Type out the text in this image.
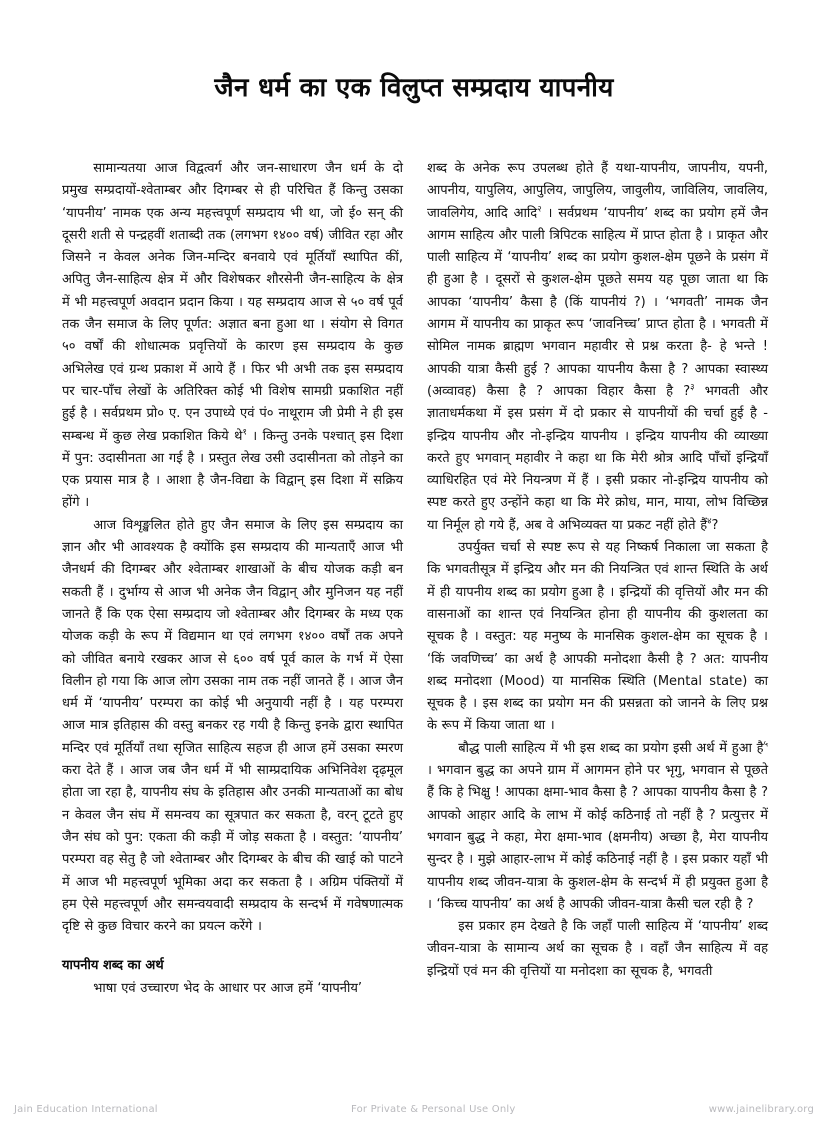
जैन धर्म का एक विलुप्त सम्प्रदाय यापनीय

सामान्यतया आज विद्वत्वर्ग और जन-साधारण जैन धर्म के दो प्रमुख सम्प्रदायों-श्वेताम्बर और दिगम्बर से ही परिचित हैं किन्तु उसका ‘यापनीय’ नामक एक अन्य महत्त्वपूर्ण सम्प्रदाय भी था, जो ई० सन् की दूसरी शती से पन्द्रहवीं शताब्दी तक (लगभग १४०० वर्ष) जीवित रहा और जिसने न केवल अनेक जिन-मन्दिर बनवाये एवं मूर्तियाँ स्थापित कीं, अपितु जैन-साहित्य क्षेत्र में और विशेषकर शौरसेनी जैन-साहित्य के क्षेत्र में भी महत्त्वपूर्ण अवदान प्रदान किया । यह सम्प्रदाय आज से ५० वर्ष पूर्व तक जैन समाज के लिए पूर्णत: अज्ञात बना हुआ था । संयोग से विगत ५० वर्षों की शोधात्मक प्रवृत्तियों के कारण इस सम्प्रदाय के कुछ अभिलेख एवं ग्रन्थ प्रकाश में आये हैं । फिर भी अभी तक इस सम्प्रदाय पर चार-पाँच लेखों के अतिरिक्त कोई भी विशेष सामग्री प्रकाशित नहीं हुई है । सर्वप्रथम प्रो० ए. एन उपाध्ये एवं पं० नाथूराम जी प्रेमी ने ही इस सम्बन्ध में कुछ लेख प्रकाशित किये थे$^१$ । किन्तु उनके पश्चात् इस दिशा में पुन: उदासीनता आ गई है । प्रस्तुत लेख उसी उदासीनता को तोड़ने का एक प्रयास मात्र है । आशा है जैन-विद्या के विद्वान् इस दिशा में सक्रिय होंगे ।

आज विशृङ्खलित होते हुए जैन समाज के लिए इस सम्प्रदाय का ज्ञान और भी आवश्यक है क्योंकि इस सम्प्रदाय की मान्यताएँ आज भी जैनधर्म की दिगम्बर और श्वेताम्बर शाखाओं के बीच योजक कड़ी बन सकती हैं । दुर्भाग्य से आज भी अनेक जैन विद्वान् और मुनिजन यह नहीं जानते हैं कि एक ऐसा सम्प्रदाय जो श्वेताम्बर और दिगम्बर के मध्य एक योजक कड़ी के रूप में विद्यमान था एवं लगभग १४०० वर्षों तक अपने को जीवित बनाये रखकर आज से ६०० वर्ष पूर्व काल के गर्भ में ऐसा विलीन हो गया कि आज लोग उसका नाम तक नहीं जानते हैं । आज जैन धर्म में ‘यापनीय’ परम्परा का कोई भी अनुयायी नहीं है । यह परम्परा आज मात्र इतिहास की वस्तु बनकर रह गयी है किन्तु इनके द्वारा स्थापित मन्दिर एवं मूर्तियाँ तथा सृजित साहित्य सहज ही आज हमें उसका स्मरण करा देते हैं । आज जब जैन धर्म में भी साम्प्रदायिक अभिनिवेश दृढ़मूल होता जा रहा है, यापनीय संघ के इतिहास और उनकी मान्यताओं का बोध न केवल जैन संघ में समन्वय का सूत्रपात कर सकता है, वरन् टूटते हुए जैन संघ को पुन: एकता की कड़ी में जोड़ सकता है । वस्तुत: ‘यापनीय’ परम्परा वह सेतु है जो श्वेताम्बर और दिगम्बर के बीच की खाई को पाटने में आज भी महत्त्वपूर्ण भूमिका अदा कर सकता है । अग्रिम पंक्तियों में हम ऐसे महत्त्वपूर्ण और समन्वयवादी सम्प्रदाय के सन्दर्भ में गवेषणात्मक दृष्टि से कुछ विचार करने का प्रयत्न करेंगे ।

यापनीय शब्द का अर्थ

भाषा एवं उच्चारण भेद के आधार पर आज हमें ‘यापनीय’

शब्द के अनेक रूप उपलब्ध होते हैं यथा-यापनीय, जापनीय, यपनी, आपनीय, यापुलिय, आपुलिय, जापुलिय, जावुलीय, जाविलिय, जावलिय, जावलिगेय, आदि आदि$^२$ । सर्वप्रथम ‘यापनीय’ शब्द का प्रयोग हमें जैन आगम साहित्य और पाली त्रिपिटक साहित्य में प्राप्त होता है । प्राकृत और पाली साहित्य में ‘यापनीय’ शब्द का प्रयोग कुशल-क्षेम पूछने के प्रसंग में ही हुआ है । दूसरों से कुशल-क्षेम पूछते समय यह पूछा जाता था कि आपका ‘यापनीय’ कैसा है (किं यापनीयं ?) । ‘भगवती’ नामक जैन आगम में यापनीय का प्राकृत रूप ‘जावनिच्च’ प्राप्त होता है । भगवती में सोमिल नामक ब्राह्मण भगवान महावीर से प्रश्न करता है- हे भन्ते ! आपकी यात्रा कैसी हुई ? आपका यापनीय कैसा है ? आपका स्वास्थ्य (अव्वावह) कैसा है ? आपका विहार कैसा है ?$^३$ भगवती और ज्ञाताधर्मकथा में इस प्रसंग में दो प्रकार से यापनीयों की चर्चा हुई है - इन्द्रिय यापनीय और नो-इन्द्रिय यापनीय । इन्द्रिय यापनीय की व्याख्या करते हुए भगवान् महावीर ने कहा था कि मेरी श्रोत्र आदि पाँचों इन्द्रियाँ व्याधिरहित एवं मेरे नियन्त्रण में हैं । इसी प्रकार नो-इन्द्रिय यापनीय को स्पष्ट करते हुए उन्होंने कहा था कि मेरे क्रोध, मान, माया, लोभ विच्छिन्न या निर्मूल हो गये हैं, अब वे अभिव्यक्त या प्रकट नहीं होते हैं$^४$?

उपर्युक्त चर्चा से स्पष्ट रूप से यह निष्कर्ष निकाला जा सकता है कि भगवतीसूत्र में इन्द्रिय और मन की नियन्त्रित एवं शान्त स्थिति के अर्थ में ही यापनीय शब्द का प्रयोग हुआ है । इन्द्रियों की वृत्तियों और मन की वासनाओं का शान्त एवं नियन्त्रित होना ही यापनीय की कुशलता का सूचक है । वस्तुत: यह मनुष्य के मानसिक कुशल-क्षेम का सूचक है । ‘किं जवणिच्च’ का अर्थ है आपकी मनोदशा कैसी है ? अत: यापनीय शब्द मनोदशा (Mood) या मानसिक स्थिति (Mental state) का सूचक है । इस शब्द का प्रयोग मन की प्रसन्नता को जानने के लिए प्रश्न के रूप में किया जाता था ।

बौद्ध पाली साहित्य में भी इस शब्द का प्रयोग इसी अर्थ में हुआ है$^५$ । भगवान बुद्ध का अपने ग्राम में आगमन होने पर भृगु, भगवान से पूछते हैं कि हे भिक्षु ! आपका क्षमा-भाव कैसा है ? आपका यापनीय कैसा है ? आपको आहार आदि के लाभ में कोई कठिनाई तो नहीं है ? प्रत्युत्तर में भगवान बुद्ध ने कहा, मेरा क्षमा-भाव (क्षमनीय) अच्छा है, मेरा यापनीय सुन्दर है । मुझे आहार-लाभ में कोई कठिनाई नहीं है । इस प्रकार यहाँ भी यापनीय शब्द जीवन-यात्रा के कुशल-क्षेम के सन्दर्भ में ही प्रयुक्त हुआ है । ‘किच्च यापनीय’ का अर्थ है आपकी जीवन-यात्रा कैसी चल रही है ?

इस प्रकार हम देखते है कि जहाँ पाली साहित्य में ‘यापनीय’ शब्द जीवन-यात्रा के सामान्य अर्थ का सूचक है । वहाँ जैन साहित्य में वह इन्द्रियों एवं मन की वृत्तियों या मनोदशा का सूचक है, भगवती

Jain Education International	For Private & Personal Use Only	www.jainelibrary.org
